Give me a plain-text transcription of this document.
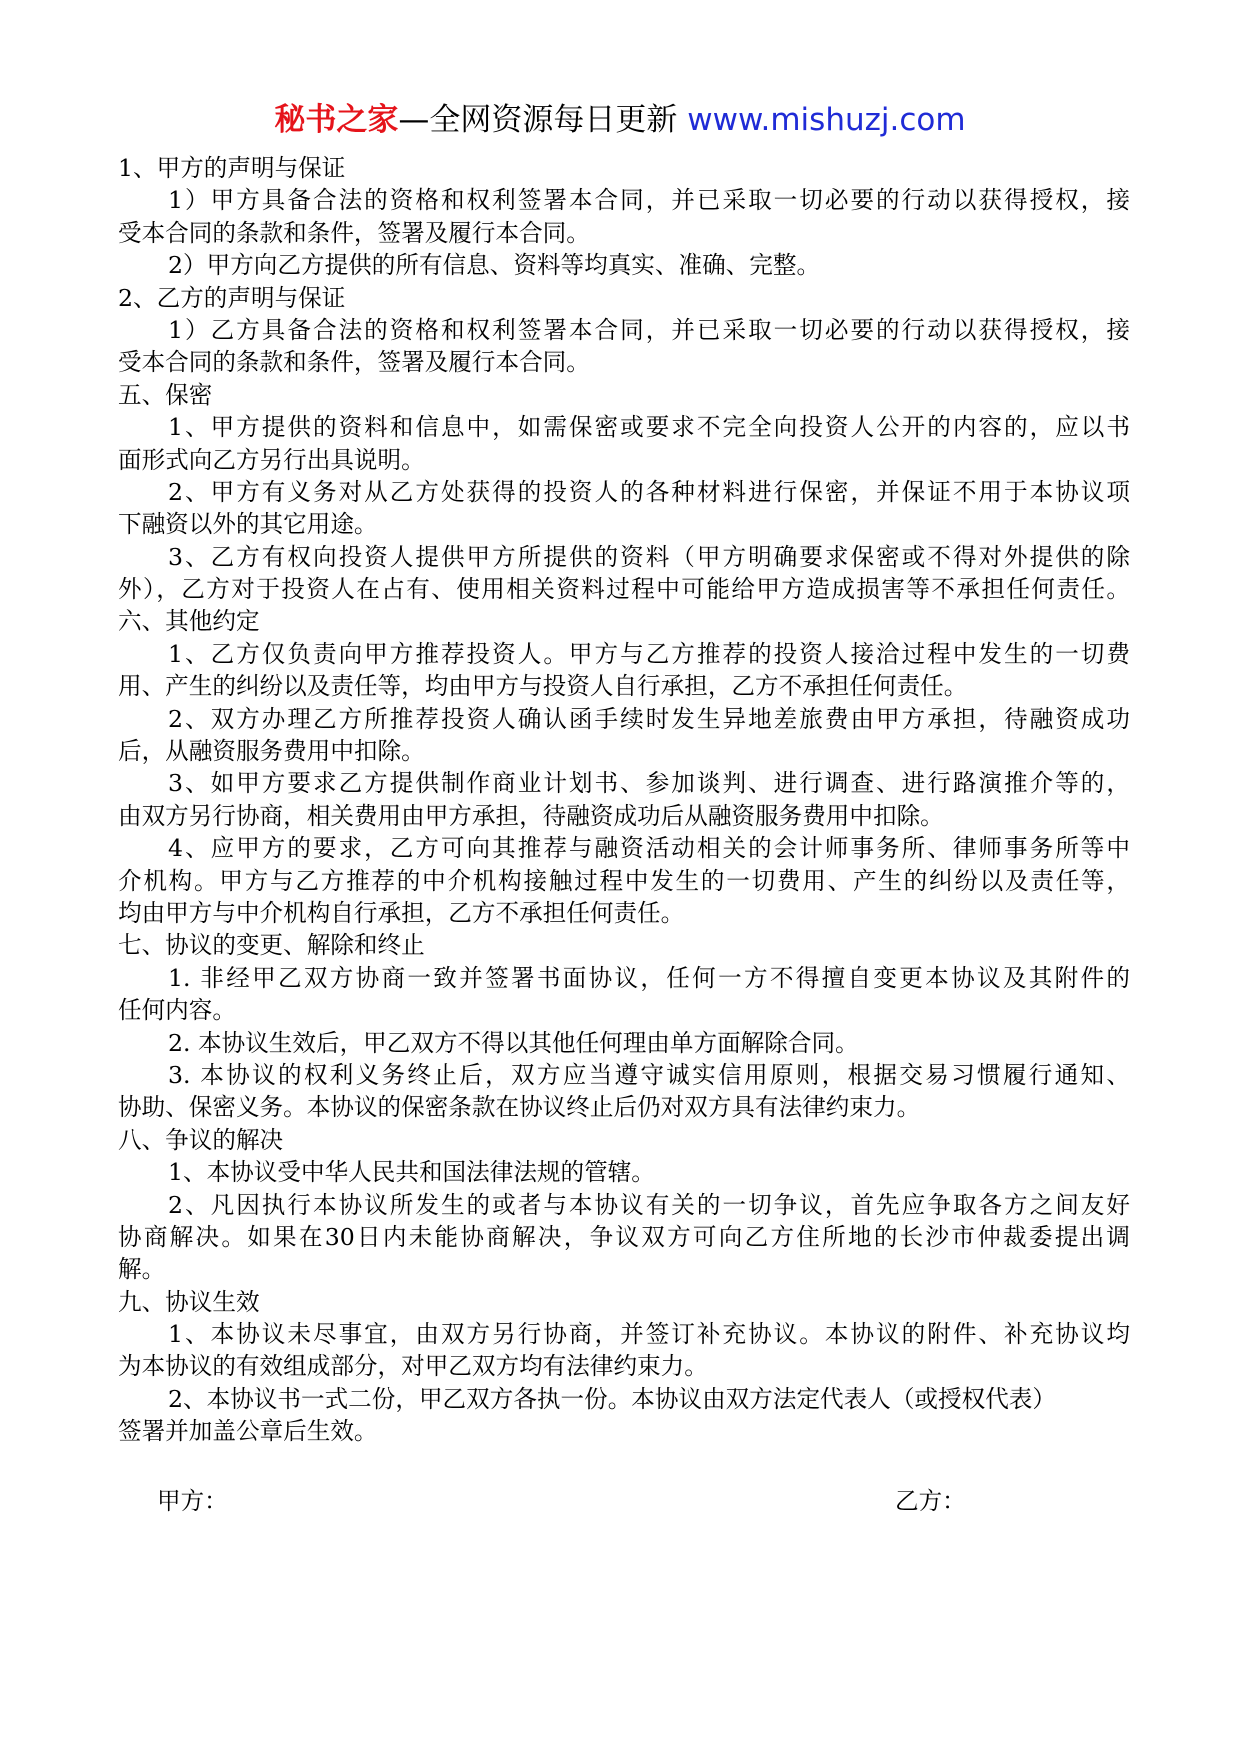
秘书之家—全网资源每日更新 www.mishuzj.com
1、甲方的声明与保证
1）甲方具备合法的资格和权利签署本合同，并已采取一切必要的行动以获得授权，接
受本合同的条款和条件，签署及履行本合同。
2）甲方向乙方提供的所有信息、资料等均真实、准确、完整。
2、乙方的声明与保证
1）乙方具备合法的资格和权利签署本合同，并已采取一切必要的行动以获得授权，接
受本合同的条款和条件，签署及履行本合同。
五、保密
1、甲方提供的资料和信息中，如需保密或要求不完全向投资人公开的内容的，应以书
面形式向乙方另行出具说明。
2、甲方有义务对从乙方处获得的投资人的各种材料进行保密，并保证不用于本协议项
下融资以外的其它用途。
3、乙方有权向投资人提供甲方所提供的资料（甲方明确要求保密或不得对外提供的除
外），乙方对于投资人在占有、使用相关资料过程中可能给甲方造成损害等不承担任何责任。
六、其他约定
1、乙方仅负责向甲方推荐投资人。甲方与乙方推荐的投资人接洽过程中发生的一切费
用、产生的纠纷以及责任等，均由甲方与投资人自行承担，乙方不承担任何责任。
2、双方办理乙方所推荐投资人确认函手续时发生异地差旅费由甲方承担，待融资成功
后，从融资服务费用中扣除。
3、如甲方要求乙方提供制作商业计划书、参加谈判、进行调查、进行路演推介等的，
由双方另行协商，相关费用由甲方承担，待融资成功后从融资服务费用中扣除。
4、应甲方的要求，乙方可向其推荐与融资活动相关的会计师事务所、律师事务所等中
介机构。甲方与乙方推荐的中介机构接触过程中发生的一切费用、产生的纠纷以及责任等，
均由甲方与中介机构自行承担，乙方不承担任何责任。
七、协议的变更、解除和终止
1. 非经甲乙双方协商一致并签署书面协议，任何一方不得擅自变更本协议及其附件的
任何内容。
2. 本协议生效后，甲乙双方不得以其他任何理由单方面解除合同。
3. 本协议的权利义务终止后，双方应当遵守诚实信用原则，根据交易习惯履行通知、
协助、保密义务。本协议的保密条款在协议终止后仍对双方具有法律约束力。
八、争议的解决
1、本协议受中华人民共和国法律法规的管辖。
2、凡因执行本协议所发生的或者与本协议有关的一切争议，首先应争取各方之间友好
协商解决。如果在30日内未能协商解决，争议双方可向乙方住所地的长沙市仲裁委提出调
解。
九、协议生效
1、本协议未尽事宜，由双方另行协商，并签订补充协议。本协议的附件、补充协议均
为本协议的有效组成部分，对甲乙双方均有法律约束力。
2、本协议书一式二份，甲乙双方各执一份。本协议由双方法定代表人（或授权代表）
签署并加盖公章后生效。
甲方：	乙方：
